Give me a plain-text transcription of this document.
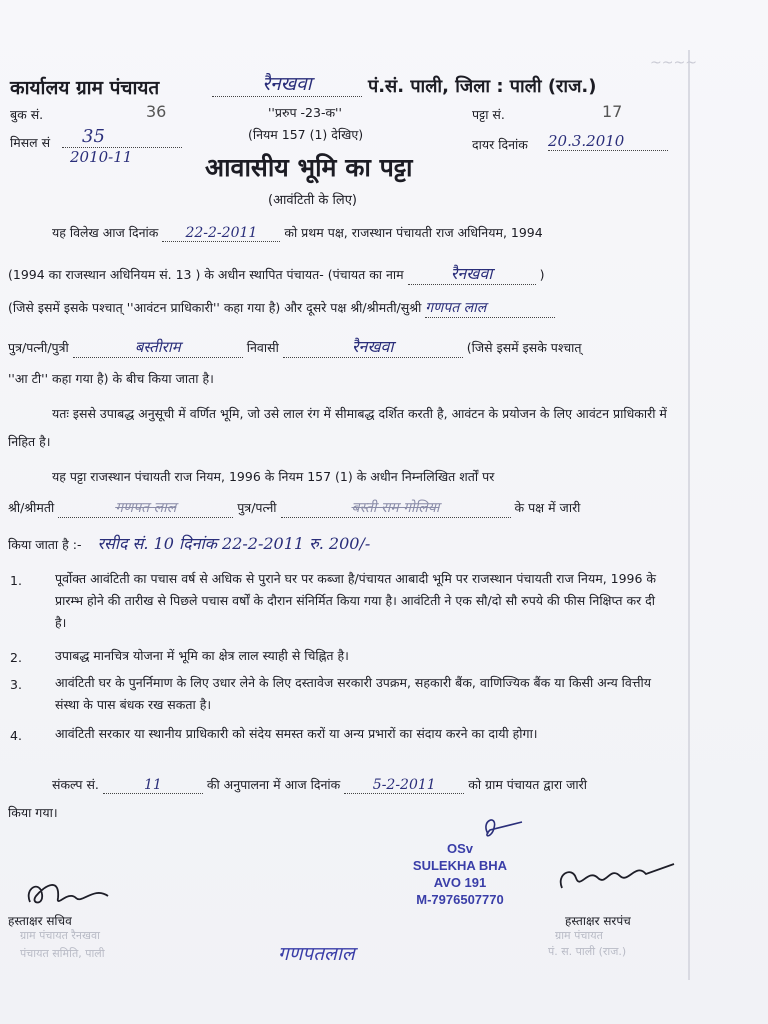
~~~~
कार्यालय ग्राम पंचायत	रैनखवा	पं.सं. पाली, जिला : पाली (राज.)
बुक सं.	36	''प्ररुप -23-क''	पट्टा सं.	17
मिसल सं	35
2010-11
(नियम 157 (1) देखिए)
दायर दिनांक 20.3.2010
आवासीय भूमि का पट्टा
(आवंटिती के लिए)
यह विलेख आज दिनांक 22-2-2011 को प्रथम पक्ष, राजस्थान पंचायती राज अधिनियम, 1994
(1994 का राजस्थान अधिनियम सं. 13 ) के अधीन स्थापित पंचायत- (पंचायत का नाम	रैनखवा	)
(जिसे इसमें इसके पश्चात् ''आवंटन प्राधिकारी'' कहा गया है) और दूसरे पक्ष श्री/श्रीमती/सुश्री गणपत लाल
पुत्र/पत्नी/पुत्री	बस्तीराम	निवासी	रैनखवा	(जिसे इसमें इसके पश्चात्
''आ टी'' कहा गया है) के बीच किया जाता है।
यतः इससे उपाबद्ध अनुसूची में वर्णित भूमि, जो उसे लाल रंग में सीमाबद्ध दर्शित करती है, आवंटन के प्रयोजन के लिए आवंटन प्राधिकारी में निहित है।
यह पट्टा राजस्थान पंचायती राज नियम, 1996 के नियम 157 (1) के अधीन निम्नलिखित शर्तों पर
श्री/श्रीमती	गणपत लाल	पुत्र/पत्नी	बस्ती राम गोलिया	के पक्ष में जारी
किया जाता है :- रसीद सं. 10 दिनांक 22-2-2011 रु. 200/-
1.	पूर्वोक्त आवंटिती का पचास वर्ष से अधिक से पुराने घर पर कब्जा है/पंचायत आबादी भूमि पर राजस्थान पंचायती राज नियम, 1996 के प्रारम्भ होने की तारीख से पिछले पचास वर्षों के दौरान संनिर्मित किया गया है। आवंटिती ने एक सौ/दो सौ रुपये की फीस निक्षिप्त कर दी है।
2.	उपाबद्ध मानचित्र योजना में भूमि का क्षेत्र लाल स्याही से चिह्नित है।
3.	आवंटिती घर के पुनर्निमाण के लिए उधार लेने के लिए दस्तावेज सरकारी उपक्रम, सहकारी बैंक, वाणिज्यिक बैंक या किसी अन्य वित्तीय संस्था के पास बंधक रख सकता है।
4.	आवंटिती सरकार या स्थानीय प्राधिकारी को संदेय समस्त करों या अन्य प्रभारों का संदाय करने का दायी होगा।
संकल्प सं.	11	की अनुपालना में आज दिनांक 5-2-2011	को ग्राम पंचायत द्वारा जारी
किया गया।
OSv
SULEKHA BHA
AVO 191
M-7976507770
हस्ताक्षर सचिव
ग्राम पंचायत रैनखवा
पंचायत समिति, पाली
हस्ताक्षर सरपंच
ग्राम पंचायत
पं. स. पाली (राज.)
गणपतलाल
